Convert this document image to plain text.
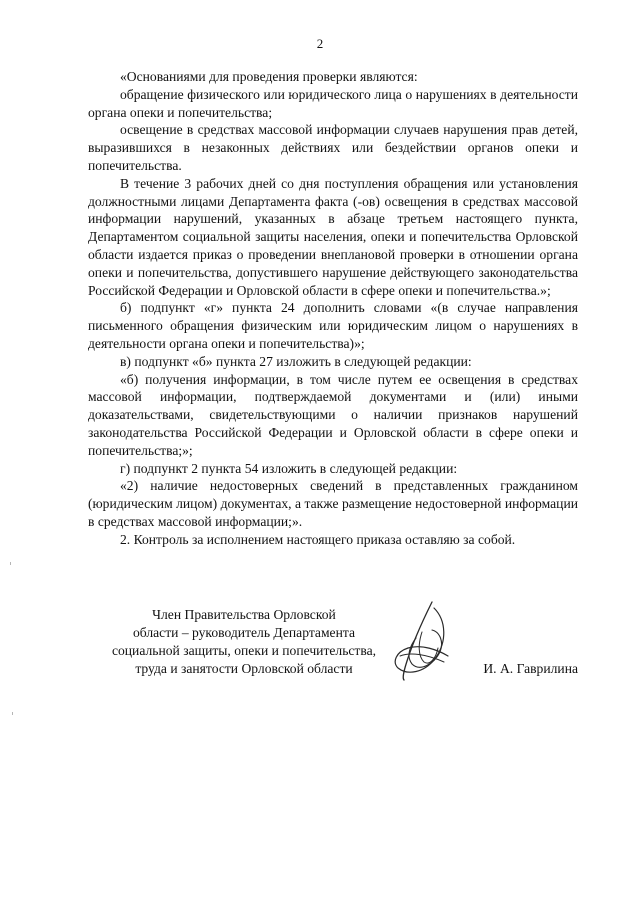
2

«Основаниями для проведения проверки являются:

обращение физического или юридического лица о нарушениях в деятельности органа опеки и попечительства;

освещение в средствах массовой информации случаев нарушения прав детей, выразившихся в незаконных действиях или бездействии органов опеки и попечительства.

В течение 3 рабочих дней со дня поступления обращения или установления должностными лицами Департамента факта (-ов) освещения в средствах массовой информации нарушений, указанных в абзаце третьем настоящего пункта, Департаментом социальной защиты населения, опеки и попечительства Орловской области издается приказ о проведении внеплановой проверки в отношении органа опеки и попечительства, допустившего нарушение действующего законодательства Российской Федерации и Орловской области в сфере опеки и попечительства.»;

б) подпункт «г» пункта 24 дополнить словами «(в случае направления письменного обращения физическим или юридическим лицом о нарушениях в деятельности органа опеки и попечительства)»;

в) подпункт «б» пункта 27 изложить в следующей редакции:

«б) получения информации, в том числе путем ее освещения в средствах массовой информации, подтверждаемой документами и (или) иными доказательствами, свидетельствующими о наличии признаков нарушений законодательства Российской Федерации и Орловской области в сфере опеки и попечительства;»;

г) подпункт 2 пункта 54 изложить в следующей редакции:

«2) наличие недостоверных сведений в представленных гражданином (юридическим лицом) документах, а также размещение недостоверной информации в средствах массовой информации;».

2. Контроль за исполнением настоящего приказа оставляю за собой.

Член Правительства Орловской
области – руководитель Департамента
социальной защиты, опеки и попечительства,
труда и занятости Орловской области	И. А. Гаврилина
